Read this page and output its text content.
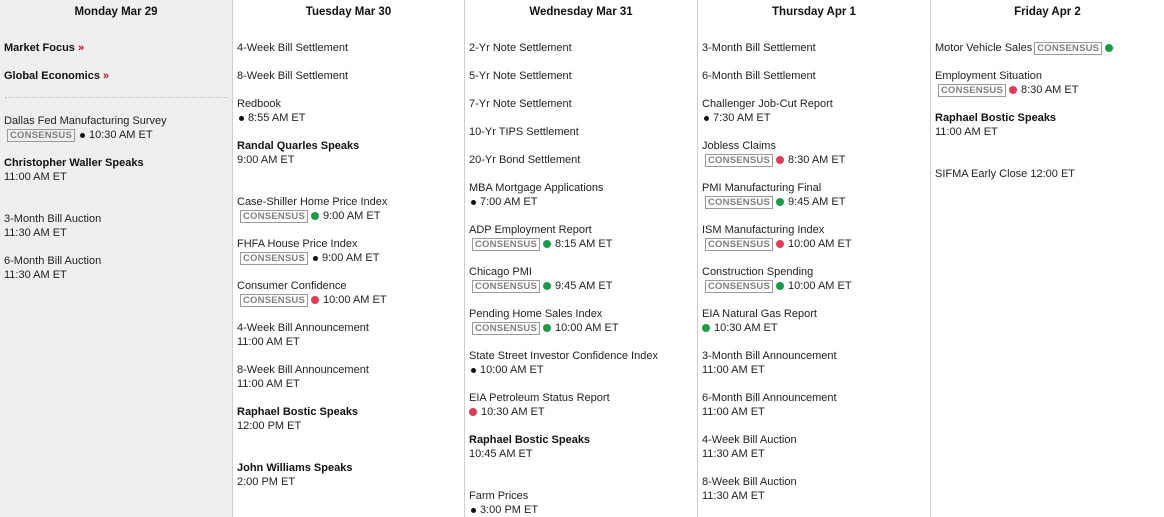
Monday Mar 29
Market Focus »
Global Economics »
Dallas Fed Manufacturing Survey
CONSENSUS 10:30 AM ET
Christopher Waller Speaks
11:00 AM ET
3-Month Bill Auction
11:30 AM ET
6-Month Bill Auction
11:30 AM ET
Tuesday Mar 30
4-Week Bill Settlement
8-Week Bill Settlement
Redbook
8:55 AM ET
Randal Quarles Speaks
9:00 AM ET
Case-Shiller Home Price Index
CONSENSUS 9:00 AM ET
FHFA House Price Index
CONSENSUS 9:00 AM ET
Consumer Confidence
CONSENSUS 10:00 AM ET
4-Week Bill Announcement
11:00 AM ET
8-Week Bill Announcement
11:00 AM ET
Raphael Bostic Speaks
12:00 PM ET
John Williams Speaks
2:00 PM ET
Wednesday Mar 31
2-Yr Note Settlement
5-Yr Note Settlement
7-Yr Note Settlement
10-Yr TIPS Settlement
20-Yr Bond Settlement
MBA Mortgage Applications
7:00 AM ET
ADP Employment Report
CONSENSUS 8:15 AM ET
Chicago PMI
CONSENSUS 9:45 AM ET
Pending Home Sales Index
CONSENSUS 10:00 AM ET
State Street Investor Confidence Index
10:00 AM ET
EIA Petroleum Status Report
10:30 AM ET
Raphael Bostic Speaks
10:45 AM ET
Farm Prices
3:00 PM ET
Thursday Apr 1
3-Month Bill Settlement
6-Month Bill Settlement
Challenger Job-Cut Report
7:30 AM ET
Jobless Claims
CONSENSUS 8:30 AM ET
PMI Manufacturing Final
CONSENSUS 9:45 AM ET
ISM Manufacturing Index
CONSENSUS 10:00 AM ET
Construction Spending
CONSENSUS 10:00 AM ET
EIA Natural Gas Report
10:30 AM ET
3-Month Bill Announcement
11:00 AM ET
6-Month Bill Announcement
11:00 AM ET
4-Week Bill Auction
11:30 AM ET
8-Week Bill Auction
11:30 AM ET
Friday Apr 2
Motor Vehicle Sales CONSENSUS
Employment Situation
CONSENSUS 8:30 AM ET
Raphael Bostic Speaks
11:00 AM ET
SIFMA Early Close 12:00 ET
